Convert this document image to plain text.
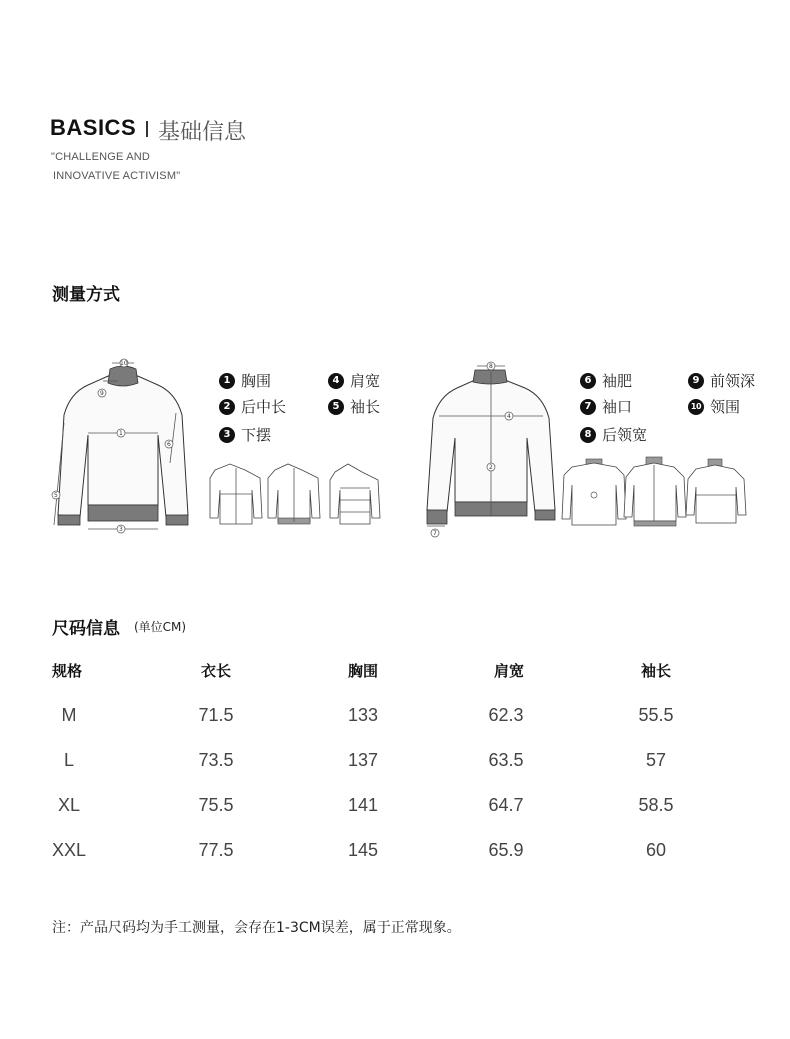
BASICS 基础信息
"CHALLENGE AND
INNOVATIVE ACTIVISM"
测量方式
1
3
5
6
9
10
2
4
7
8
1 胸围
2 后中长
3 下摆
4 肩宽
5 袖长
6 袖肥
7 袖口
8 后领宽
9 前领深
10 领围
尺码信息 (单位CM)
规格	衣长	胸围	肩宽	袖长
M	71.5	133	62.3	55.5
L	73.5	137	63.5	57
XL	75.5	141	64.7	58.5
XXL	77.5	145	65.9	60
注：产品尺码均为手工测量，会存在1-3CM误差，属于正常现象。
